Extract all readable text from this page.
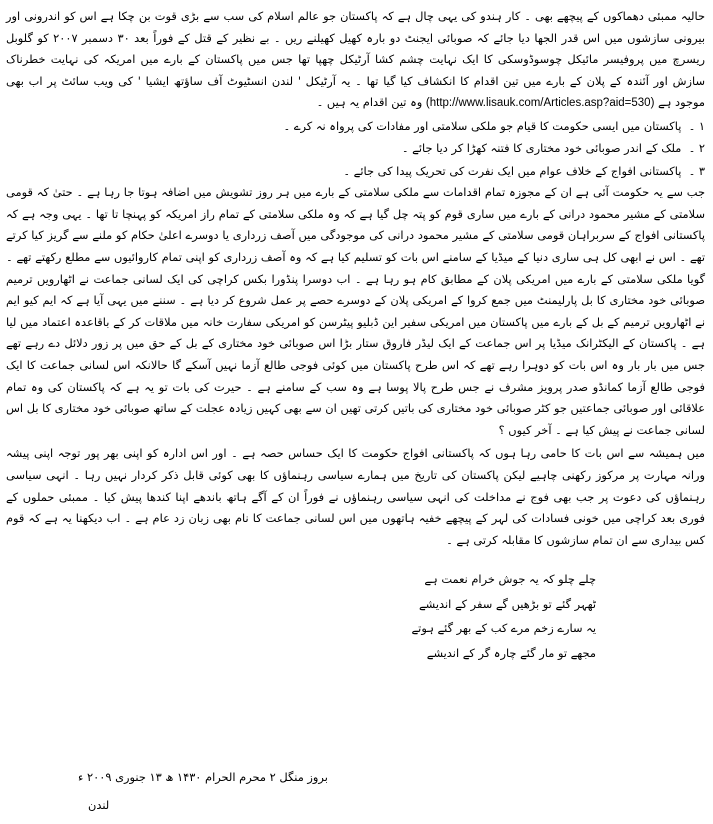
حالیہ ممبئی دھماکوں کے پیچھے بھی ۔ کار ہندو کی یہی چال ہے کہ پاکستان جو عالم اسلام کی سب سے بڑی قوت بن چکا ہے اس کو اندرونی اور بیرونی سازشوں میں اس قدر الجھا دیا جائے کہ صوبائی ایجنٹ دو بارہ کھیل کھیلنے ریں ۔ بے نظیر کے قتل کے فوراً بعد ۳۰ دسمبر ۲۰۰۷ کو گلوبل ریسرچ میں پروفیسر مائیکل چوسوڈوسکی کا ایک نہایت چشم کشا آرٹیکل چھپا تھا جس میں پاکستان کے بارے میں امریکہ کی نہایت خطرناک سازش اور آئندہ کے پلان کے بارے میں تین اقدام کا انکشاف کیا گیا تھا ۔ یہ آرٹیکل ' لندن انسٹیوٹ آف ساؤتھ ایشیا ' کی ویب سائٹ پر اب بھی موجود ہے (http://www.lisauk.com/Articles.asp?aid=530) وہ تین اقدام یہ ہیں ۔

۱ ۔ پاکستان میں ایسی حکومت کا قیام جو ملکی سلامتی اور مفادات کی پرواہ نہ کرے ۔
۲ ۔ ملک کے اندر صوبائی خود مختاری کا فتنہ کھڑا کر دیا جائے ۔
۳ ۔ پاکستانی افواج کے خلاف عوام میں ایک نفرت کی تحریک پیدا کی جائے ۔

جب سے یہ حکومت آئی ہے ان کے مجوزہ تمام اقدامات سے ملکی سلامتی کے بارے میں ہر روز تشویش میں اضافہ ہوتا جا رہا ہے ۔ حتیٰ کہ قومی سلامتی کے مشیر محمود درانی کے بارے میں ساری قوم کو پتہ چل گیا ہے کہ وہ ملکی سلامتی کے تمام راز امریکہ کو پہنچا تا تھا ۔ یہی وجہ ہے کہ پاکستانی افواج کے سربراہان قومی سلامتی کے مشیر محمود درانی کی موجودگی میں آصف زرداری یا دوسرے اعلیٰ حکام کو ملنے سے گریز کیا کرتے تھے ۔ اس نے ابھی کل ہی ساری دنیا کے میڈیا کے سامنے اس بات کو تسلیم کیا ہے کہ وہ آصف زرداری کو اپنی تمام کاروائیوں سے مطلع رکھتے تھے ۔ گویا ملکی سلامتی کے بارے میں امریکی پلان کے مطابق کام ہو رہا ہے ۔ اب دوسرا پنڈورا بکس کراچی کی ایک لسانی جماعت نے اٹھارویں ترمیم صوبائی خود مختاری کا بل پارلیمنٹ میں جمع کروا کے امریکی پلان کے دوسرے حصے پر عمل شروع کر دیا ہے ۔ سننے میں یہی آیا ہے کہ ایم کیو ایم نے اٹھارویں ترمیم کے بل کے بارے میں پاکستان میں امریکی سفیر این ڈبلیو پیٹرسن کو امریکی سفارت خانہ میں ملاقات کر کے باقاعدہ اعتماد میں لیا ہے ۔ پاکستان کے الیکٹرانک میڈیا پر اس جماعت کے ایک لیڈر فاروق ستار بڑا اس صوبائی خود مختاری کے بل کے حق میں پر زور دلائل دے رہے تھے جس میں بار بار وہ اس بات کو دوہرا رہے تھے کہ اس طرح پاکستان میں کوئی فوجی طالع آزما نہیں آسکے گا حالانکہ اس لسانی جماعت کا ایک فوجی طالع آزما کمانڈو صدر پرویز مشرف نے جس طرح پالا پوسا ہے وہ سب کے سامنے ہے ۔ حیرت کی بات تو یہ ہے کہ پاکستان کی وہ تمام علاقائی اور صوبائی جماعتیں جو کٹر صوبائی خود مختاری کی باتیں کرتی تھیں ان سے بھی کہیں زیادہ عجلت کے ساتھ صوبائی خود مختاری کا بل اس لسانی جماعت نے پیش کیا ہے ۔ آخر کیوں ؟

میں ہمیشہ سے اس بات کا حامی رہا ہوں کہ پاکستانی افواج حکومت کا ایک حساس حصہ ہے ۔ اور اس ادارہ کو اپنی بھر پور توجہ اپنی پیشہ ورانہ مہارت پر مرکوز رکھنی چاہیے لیکن پاکستان کی تاریخ میں ہمارے سیاسی رہنماؤں کا بھی کوئی قابل ذکر کردار نہیں رہا ۔ انہی سیاسی رہنماؤں کی دعوت پر جب بھی فوج نے مداخلت کی انہی سیاسی رہنماؤں نے فوراً ان کے آگے ہاتھ باندھے اپنا کندھا پیش کیا ۔ ممبئی حملوں کے فوری بعد کراچی میں خونی فسادات کی لہر کے پیچھے خفیہ ہاتھوں میں اس لسانی جماعت کا نام بھی زبان زد عام ہے ۔ اب دیکھنا یہ ہے کہ قوم کس بیداری سے ان تمام سازشوں کا مقابلہ کرتی ہے ۔

چلے چلو کہ یہ جوش خرام نعمت ہے
ٹھہر گئے تو بڑھیں گے سفر کے اندیشے
یہ سارے زخم مرے کب کے بھر گئے ہوتے
مجھے تو مار گئے چارہ گر کے اندیشے
بروز منگل ۲ محرم الحرام ۱۴۳۰ ھ ۱۳ جنوری ۲۰۰۹ ء
لندن
